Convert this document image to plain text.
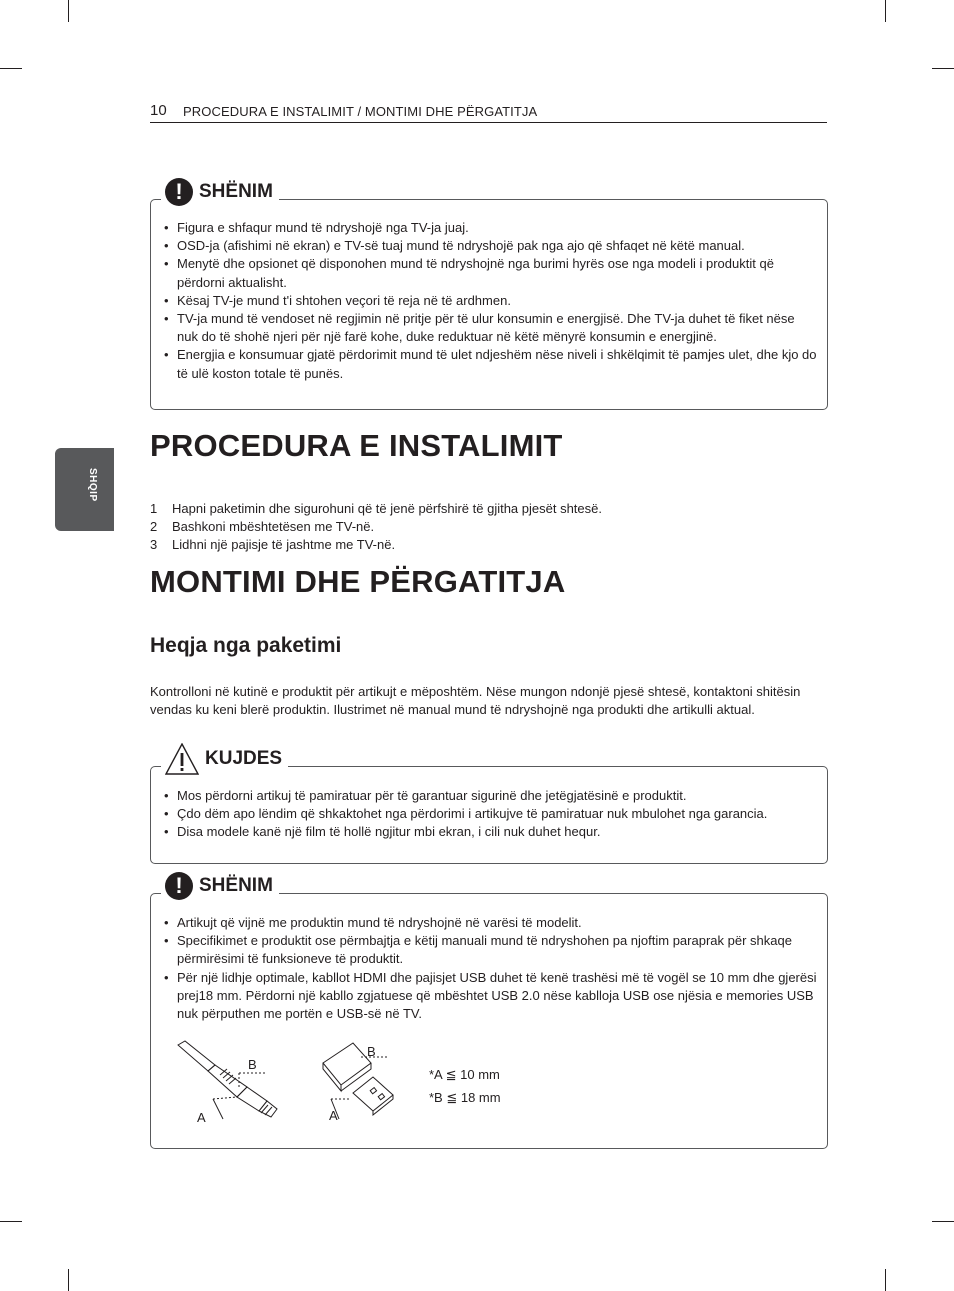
10 PROCEDURA E INSTALIMIT / MONTIMI DHE PËRGATITJA
SHQIP
! SHËNIM
• Figura e shfaqur mund të ndryshojë nga TV-ja juaj.
• OSD-ja (afishimi në ekran) e TV-së tuaj mund të ndryshojë pak nga ajo që shfaqet në këtë manual.
• Menytë dhe opsionet që disponohen mund të ndryshojnë nga burimi hyrës ose nga modeli i produktit që përdorni aktualisht.
• Kësaj TV-je mund t'i shtohen veçori të reja në të ardhmen.
• TV-ja mund të vendoset në regjimin në pritje për të ulur konsumin e energjisë. Dhe TV-ja duhet të fiket nëse nuk do të shohë njeri për një farë kohe, duke reduktuar në këtë mënyrë konsumin e energjinë.
• Energjia e konsumuar gjatë përdorimit mund të ulet ndjeshëm nëse niveli i shkëlqimit të pamjes ulet, dhe kjo do të ulë koston totale të punës.
PROCEDURA E INSTALIMIT
1	Hapni paketimin dhe sigurohuni që të jenë përfshirë të gjitha pjesët shtesë.
2	Bashkoni mbështetësen me TV-në.
3	Lidhni një pajisje të jashtme me TV-në.
MONTIMI DHE PËRGATITJA
Heqja nga paketimi
Kontrolloni në kutinë e produktit për artikujt e mëposhtëm. Nëse mungon ndonjë pjesë shtesë, kontaktoni shitësin vendas ku keni blerë produktin. Ilustrimet në manual mund të ndryshojnë nga produkti dhe artikulli aktual.
KUJDES
• Mos përdorni artikuj të pamiratuar për të garantuar sigurinë dhe jetëgjatësinë e produktit.
• Çdo dëm apo lëndim që shkaktohet nga përdorimi i artikujve të pamiratuar nuk mbulohet nga garancia.
• Disa modele kanë një film të hollë ngjitur mbi ekran, i cili nuk duhet hequr.
! SHËNIM
• Artikujt që vijnë me produktin mund të ndryshojnë në varësi të modelit.
• Specifikimet e produktit ose përmbajtja e këtij manuali mund të ndryshohen pa njoftim paraprak për shkaqe përmirësimi të funksioneve të produktit.
• Për një lidhje optimale, kabllot HDMI dhe pajisjet USB duhet të kenë trashësi më të vogël se 10 mm dhe gjerësi prej18 mm. Përdorni një kabllo zgjatuese që mbështet USB 2.0 nëse kablloja USB ose njësia e memories USB nuk përputhen me portën e USB-së në TV.
B
A
B
A
*A ≦ 10 mm
*B ≦ 18 mm
